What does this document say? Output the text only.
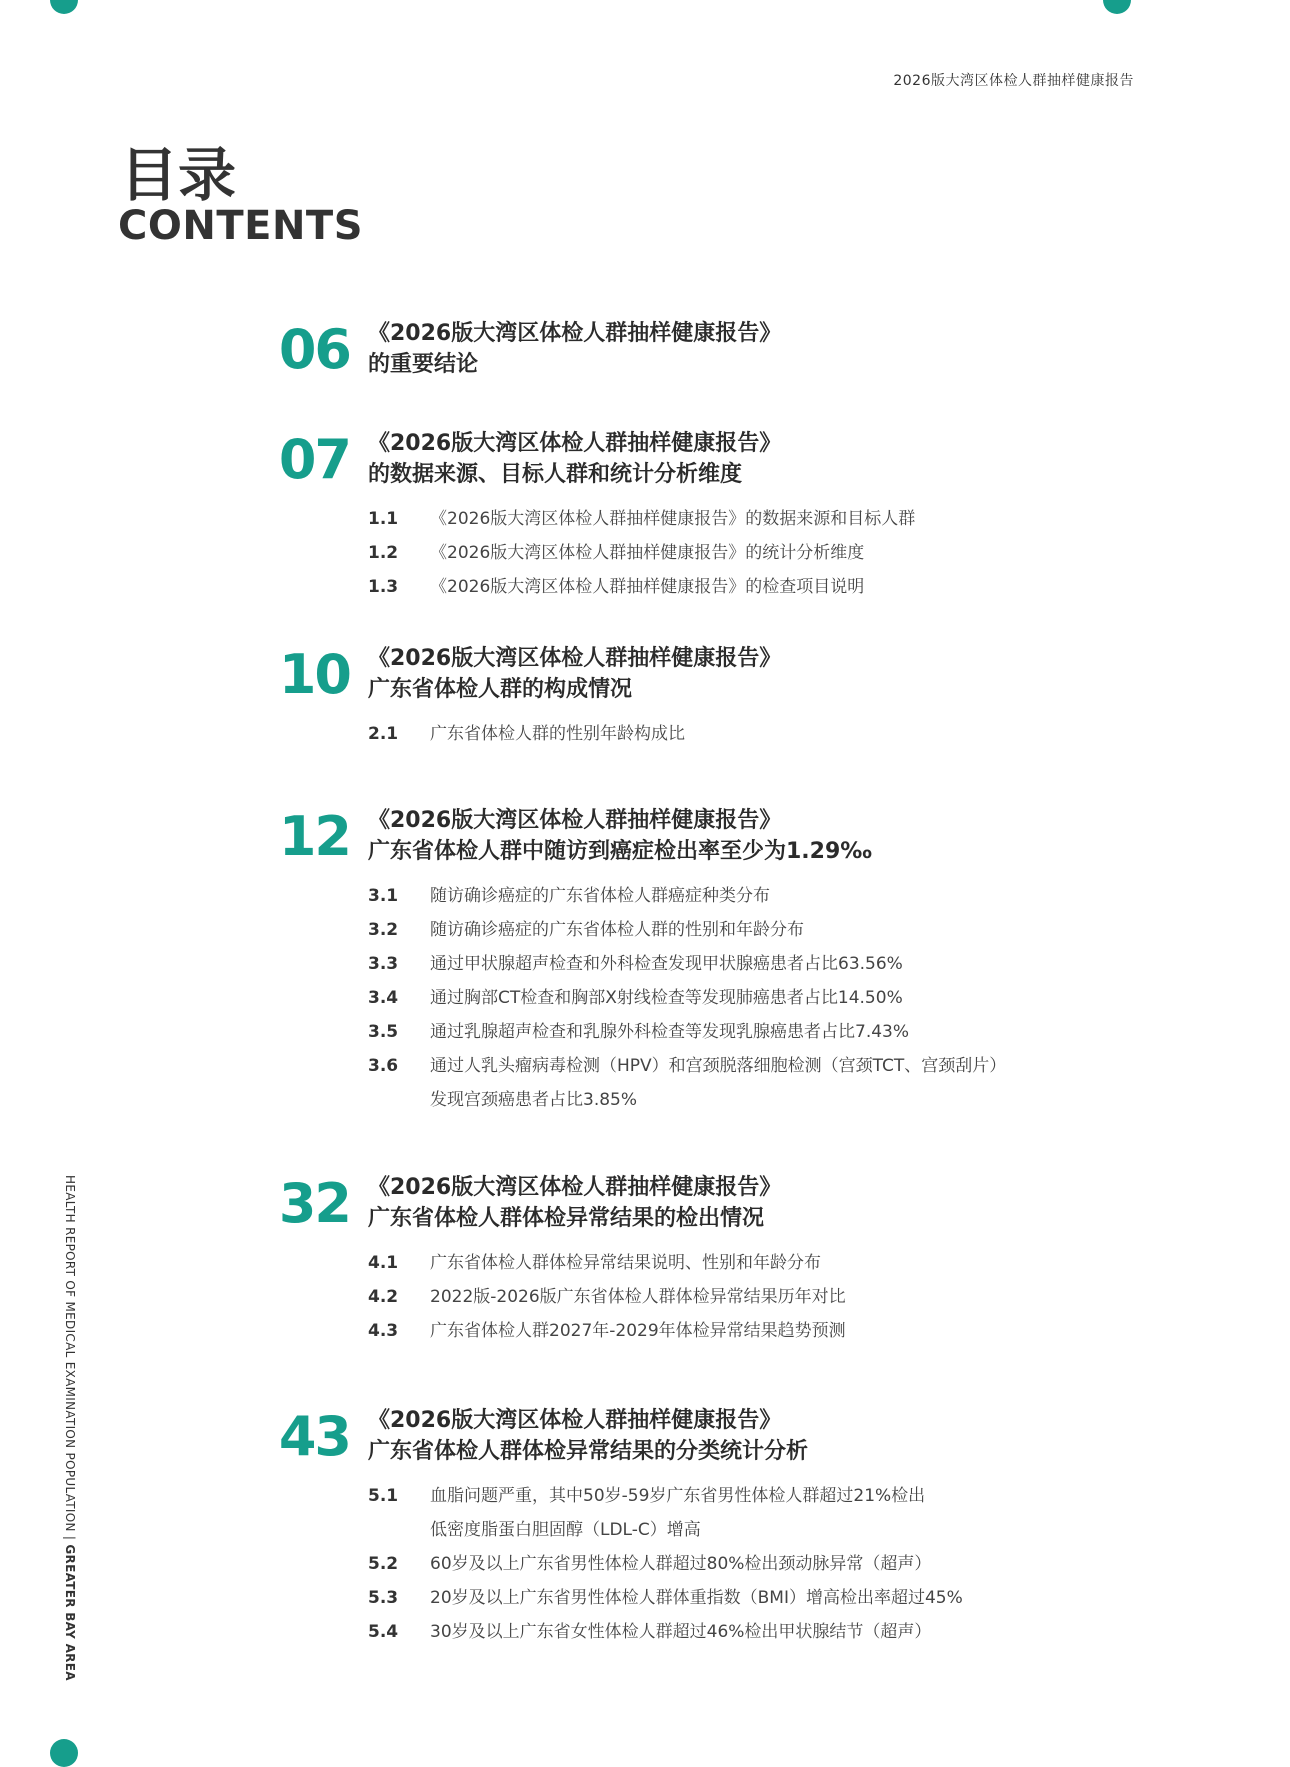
2026版大湾区体检人群抽样健康报告
目录
CONTENTS
HEALTH REPORT OF MEDICAL EXAMINATION POPULATION | GREATER BAY AREA
06 《2026版大湾区体检人群抽样健康报告》
的重要结论
07 《2026版大湾区体检人群抽样健康报告》
的数据来源、目标人群和统计分析维度
1.1	《2026版大湾区体检人群抽样健康报告》的数据来源和目标人群
1.2	《2026版大湾区体检人群抽样健康报告》的统计分析维度
1.3	《2026版大湾区体检人群抽样健康报告》的检查项目说明
10 《2026版大湾区体检人群抽样健康报告》
广东省体检人群的构成情况
2.1	广东省体检人群的性别年龄构成比
12 《2026版大湾区体检人群抽样健康报告》
广东省体检人群中随访到癌症检出率至少为1.29‰
3.1	随访确诊癌症的广东省体检人群癌症种类分布
3.2	随访确诊癌症的广东省体检人群的性别和年龄分布
3.3	通过甲状腺超声检查和外科检查发现甲状腺癌患者占比63.56%
3.4	通过胸部CT检查和胸部X射线检查等发现肺癌患者占比14.50%
3.5	通过乳腺超声检查和乳腺外科检查等发现乳腺癌患者占比7.43%
3.6	通过人乳头瘤病毒检测（HPV）和宫颈脱落细胞检测（宫颈TCT、宫颈刮片）
发现宫颈癌患者占比3.85%
32 《2026版大湾区体检人群抽样健康报告》
广东省体检人群体检异常结果的检出情况
4.1	广东省体检人群体检异常结果说明、性别和年龄分布
4.2	2022版-2026版广东省体检人群体检异常结果历年对比
4.3	广东省体检人群2027年-2029年体检异常结果趋势预测
43 《2026版大湾区体检人群抽样健康报告》
广东省体检人群体检异常结果的分类统计分析
5.1	血脂问题严重，其中50岁-59岁广东省男性体检人群超过21%检出
低密度脂蛋白胆固醇（LDL-C）增高
5.2	60岁及以上广东省男性体检人群超过80%检出颈动脉异常（超声）
5.3	20岁及以上广东省男性体检人群体重指数（BMI）增高检出率超过45%
5.4	30岁及以上广东省女性体检人群超过46%检出甲状腺结节（超声）
